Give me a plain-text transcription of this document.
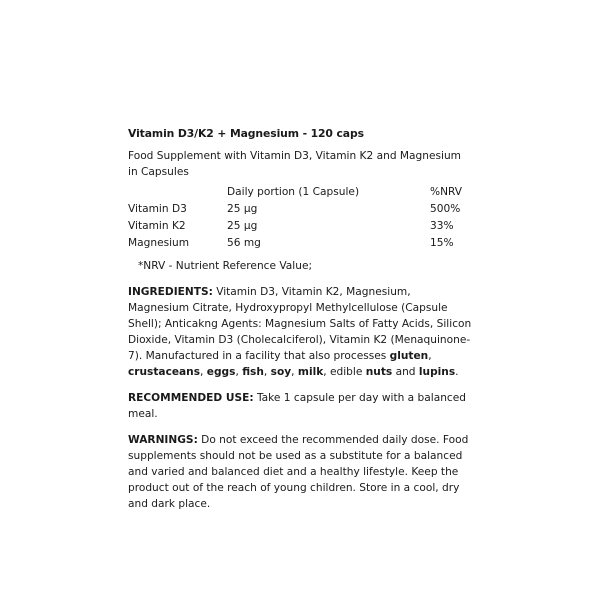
Vitamin D3/K2 + Magnesium - 120 caps
Food Supplement with Vitamin D3, Vitamin K2 and Magnesium in Capsules
	Daily portion (1 Capsule)	%NRV
Vitamin D3	25 µg	500%
Vitamin K2	25 µg	33%
Magnesium	56 mg	15%
*NRV - Nutrient Reference Value;
INGREDIENTS: Vitamin D3, Vitamin K2, Magnesium, Magnesium Citrate, Hydroxypropyl Methylcellulose (Capsule Shell); Anticakng Agents: Magnesium Salts of Fatty Acids, Silicon Dioxide, Vitamin D3 (Cholecalciferol), Vitamin K2 (Menaquinone-7). Manufactured in a facility that also processes gluten, crustaceans, eggs, fish, soy, milk, edible nuts and lupins.
RECOMMENDED USE: Take 1 capsule per day with a balanced meal.
WARNINGS: Do not exceed the recommended daily dose. Food supplements should not be used as a substitute for a balanced and varied and balanced diet and a healthy lifestyle. Keep the product out of the reach of young children. Store in a cool, dry and dark place.
